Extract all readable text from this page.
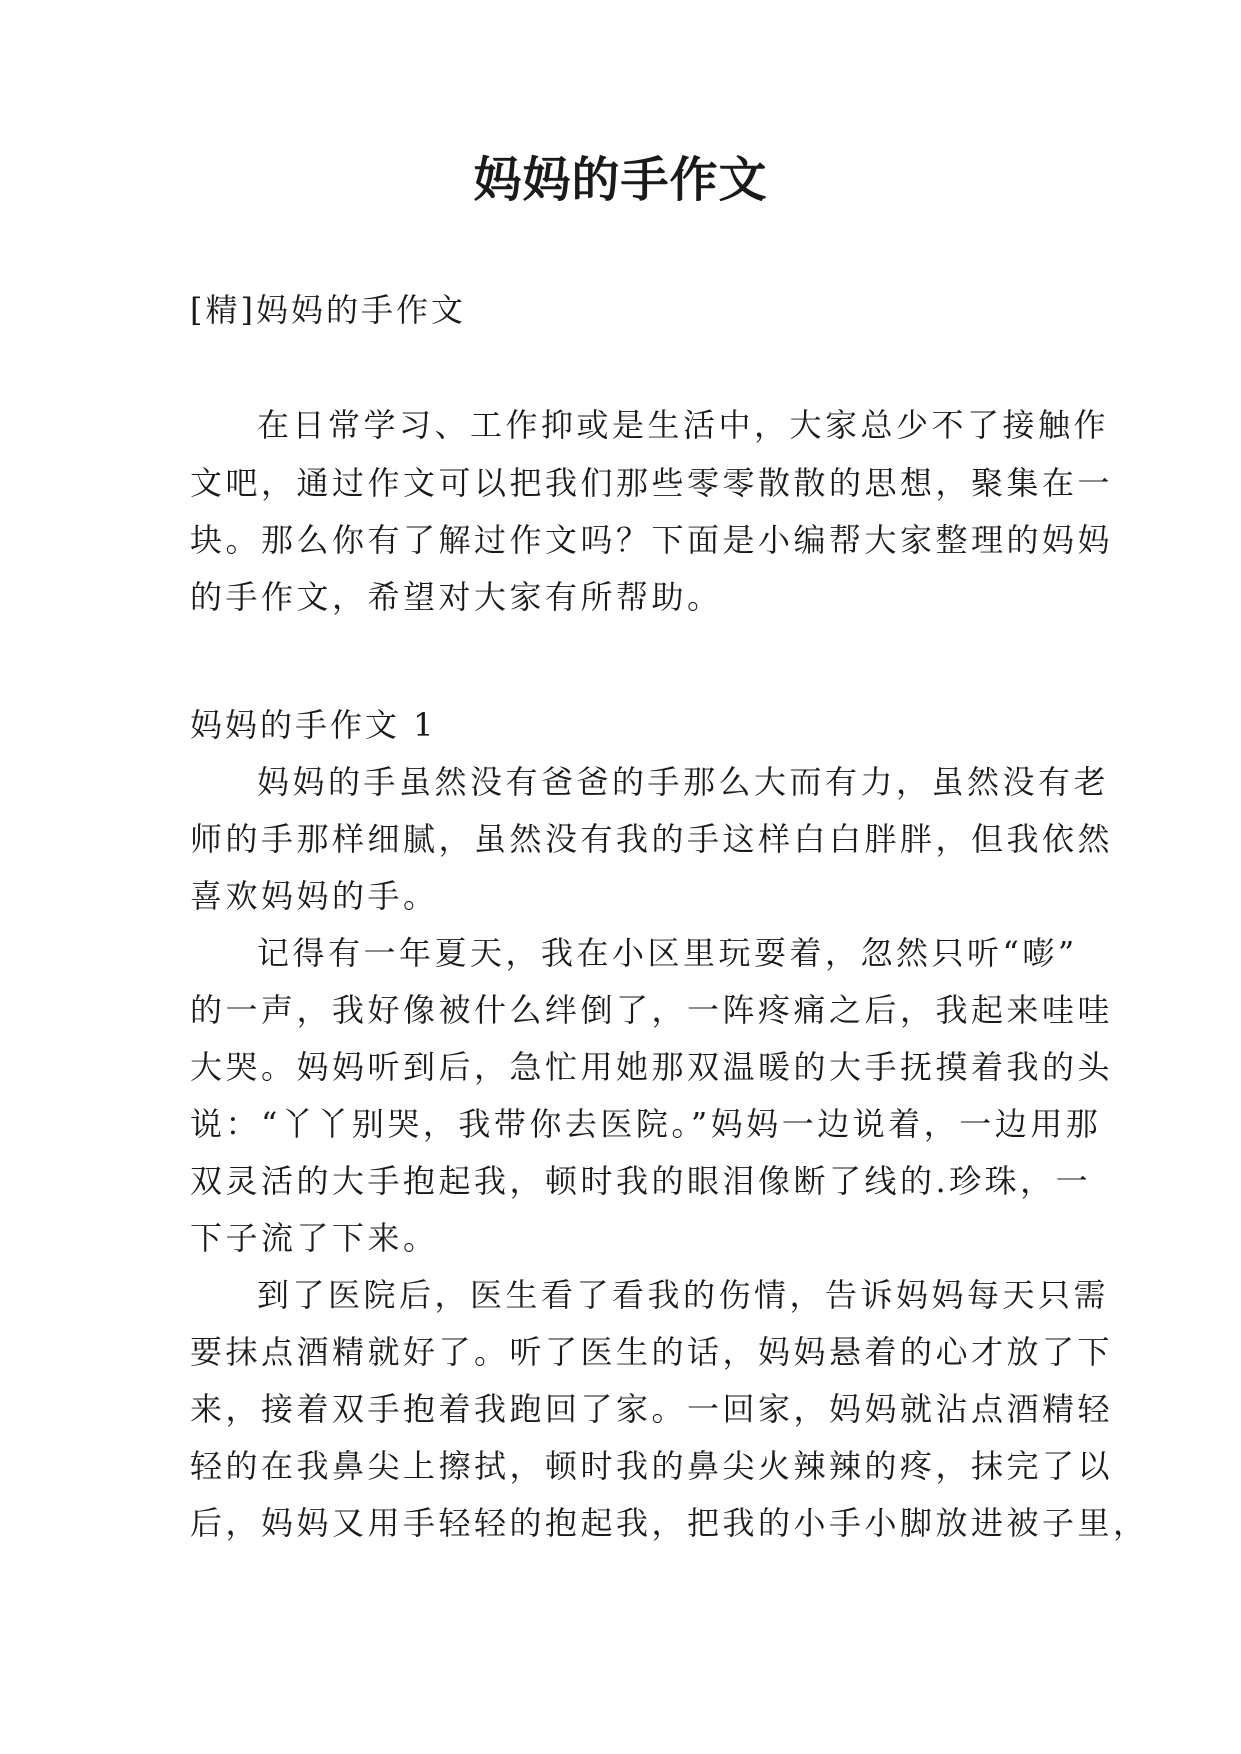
妈妈的手作文

[精]妈妈的手作文

在日常学习、工作抑或是生活中，大家总少不了接触作

文吧，通过作文可以把我们那些零零散散的思想，聚集在一

块。那么你有了解过作文吗？下面是小编帮大家整理的妈妈

的手作文，希望对大家有所帮助。

妈妈的手作文 1

妈妈的手虽然没有爸爸的手那么大而有力，虽然没有老

师的手那样细腻，虽然没有我的手这样白白胖胖，但我依然

喜欢妈妈的手。

记得有一年夏天，我在小区里玩耍着，忽然只听“嘭”

的一声，我好像被什么绊倒了，一阵疼痛之后，我起来哇哇

大哭。妈妈听到后，急忙用她那双温暖的大手抚摸着我的头

说：“丫丫别哭，我带你去医院。”妈妈一边说着，一边用那

双灵活的大手抱起我，顿时我的眼泪像断了线的.珍珠，一

下子流了下来。

到了医院后，医生看了看我的伤情，告诉妈妈每天只需

要抹点酒精就好了。听了医生的话，妈妈悬着的心才放了下

来，接着双手抱着我跑回了家。一回家，妈妈就沾点酒精轻

轻的在我鼻尖上擦拭，顿时我的鼻尖火辣辣的疼，抹完了以

后，妈妈又用手轻轻的抱起我，把我的小手小脚放进被子里，
